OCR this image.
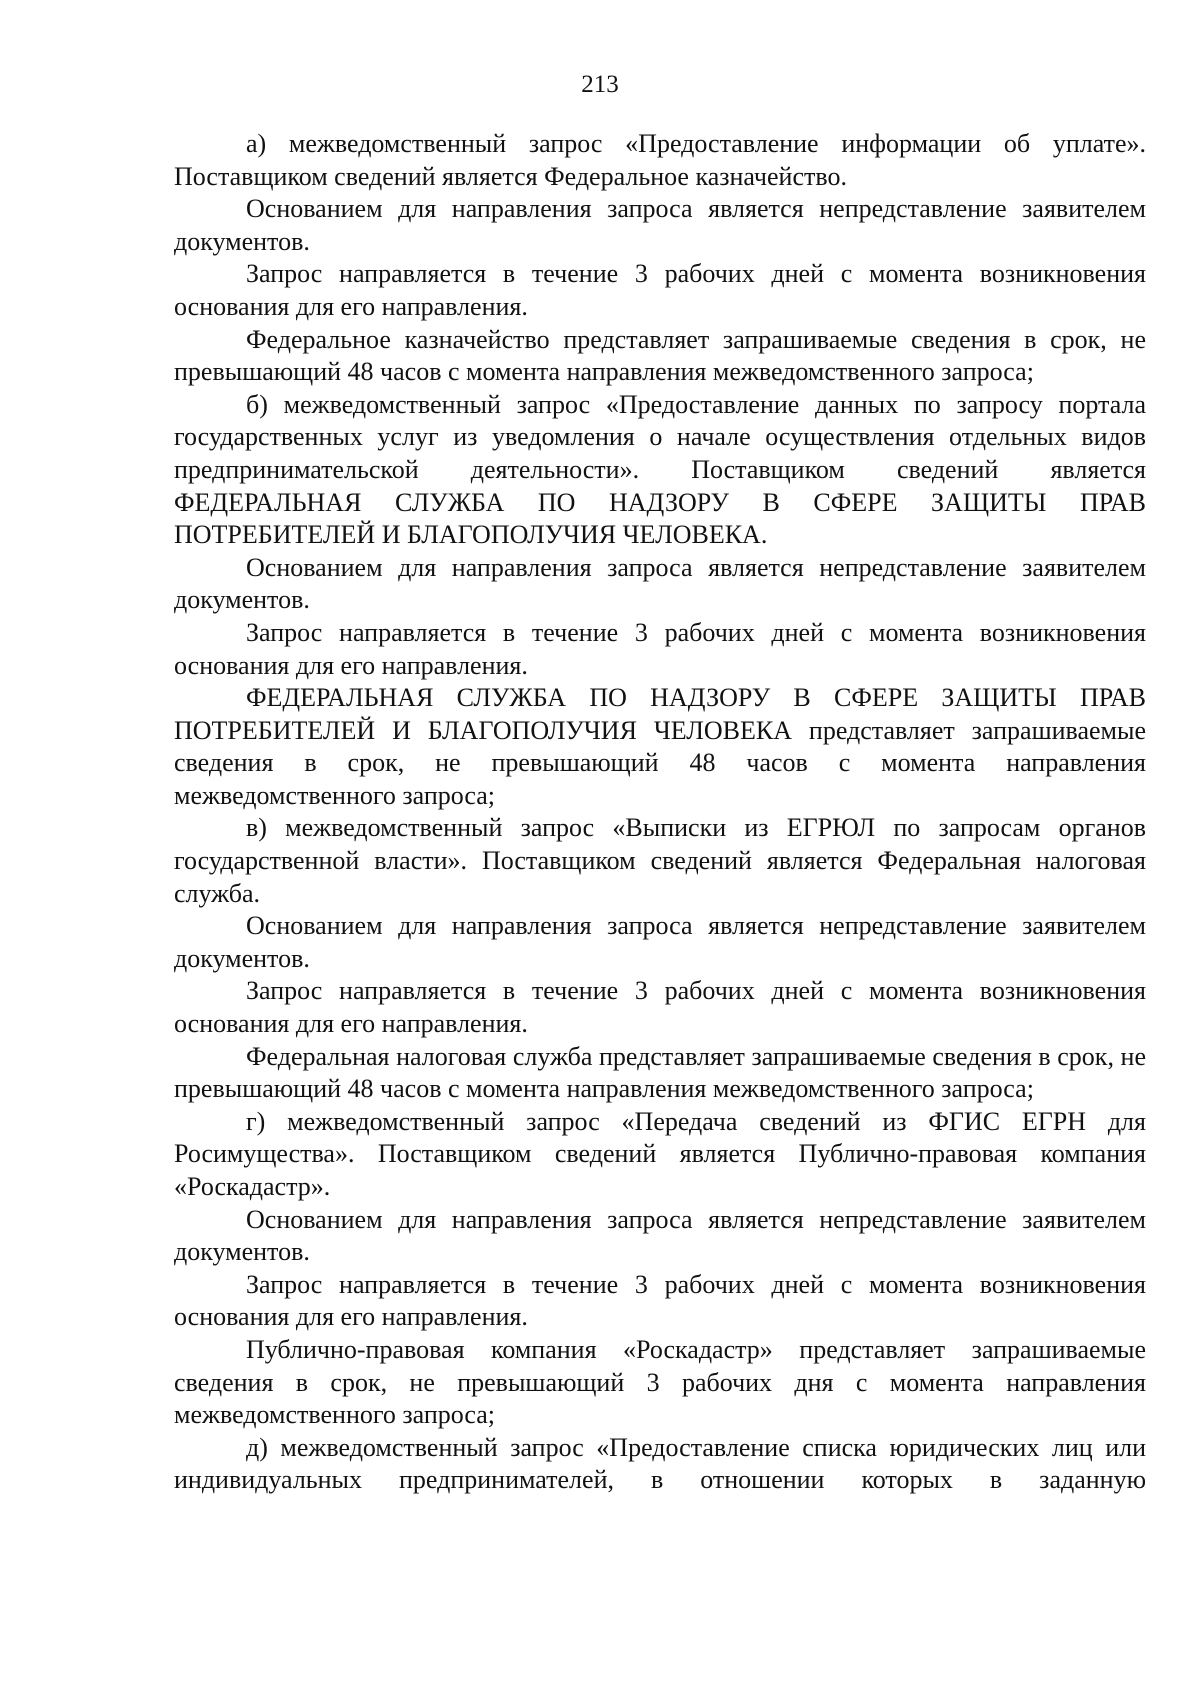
213

а) межведомственный запрос «Предоставление информации об уплате». Поставщиком сведений является Федеральное казначейство.

Основанием для направления запроса является непредставление заявителем документов.

Запрос направляется в течение 3 рабочих дней с момента возникновения основания для его направления.

Федеральное казначейство представляет запрашиваемые сведения в срок, не превышающий 48 часов с момента направления межведомственного запроса;

б) межведомственный запрос «Предоставление данных по запросу портала государственных услуг из уведомления о начале осуществления отдельных видов предпринимательской деятельности». Поставщиком сведений является ФЕДЕРАЛЬНАЯ СЛУЖБА ПО НАДЗОРУ В СФЕРЕ ЗАЩИТЫ ПРАВ ПОТРЕБИТЕЛЕЙ И БЛАГОПОЛУЧИЯ ЧЕЛОВЕКА.

Основанием для направления запроса является непредставление заявителем документов.

Запрос направляется в течение 3 рабочих дней с момента возникновения основания для его направления.

ФЕДЕРАЛЬНАЯ СЛУЖБА ПО НАДЗОРУ В СФЕРЕ ЗАЩИТЫ ПРАВ ПОТРЕБИТЕЛЕЙ И БЛАГОПОЛУЧИЯ ЧЕЛОВЕКА представляет запрашиваемые сведения в срок, не превышающий 48 часов с момента направления межведомственного запроса;

в) межведомственный запрос «Выписки из ЕГРЮЛ по запросам органов государственной власти». Поставщиком сведений является Федеральная налоговая служба.

Основанием для направления запроса является непредставление заявителем документов.

Запрос направляется в течение 3 рабочих дней с момента возникновения основания для его направления.

Федеральная налоговая служба представляет запрашиваемые сведения в срок, не превышающий 48 часов с момента направления межведомственного запроса;

г) межведомственный запрос «Передача сведений из ФГИС ЕГРН для Росимущества». Поставщиком сведений является Публично-правовая компания «Роскадастр».

Основанием для направления запроса является непредставление заявителем документов.

Запрос направляется в течение 3 рабочих дней с момента возникновения основания для его направления.

Публично-правовая компания «Роскадастр» представляет запрашиваемые сведения в срок, не превышающий 3 рабочих дня с момента направления межведомственного запроса;

д) межведомственный запрос «Предоставление списка юридических лиц или индивидуальных предпринимателей, в отношении которых в заданную
